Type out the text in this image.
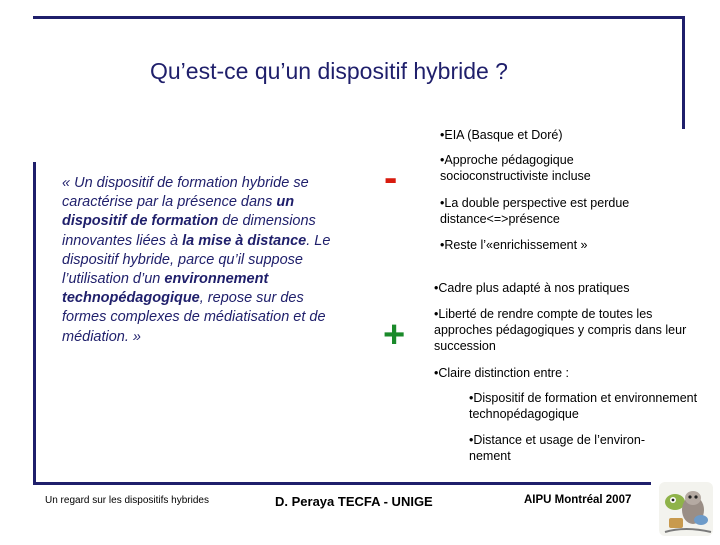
Qu’est-ce qu’un dispositif hybride ?
« Un dispositif de formation hybride se caractérise par la présence dans un dispositif de formation de dimensions innovantes liées à la mise à distance. Le dispositif hybride, parce qu’il suppose l’utilisation d’un environnement technopédagogique, repose sur des formes complexes de médiatisation et de médiation. »
-
+
•EIA (Basque et Doré)
•Approche pédagogique socioconstructiviste incluse
•La double perspective est perdue distance<=>présence
•Reste l’«enrichissement »
•Cadre plus adapté à nos pratiques
•Liberté de rendre compte de toutes les approches pédagogiques y compris dans leur succession
•Claire distinction entre :
•Dispositif de formation et environnement technopédagogique
•Distance et usage de l’environ-nement
Un regard sur les dispositifs hybrides	D. Peraya TECFA - UNIGE	AIPU Montréal 2007
